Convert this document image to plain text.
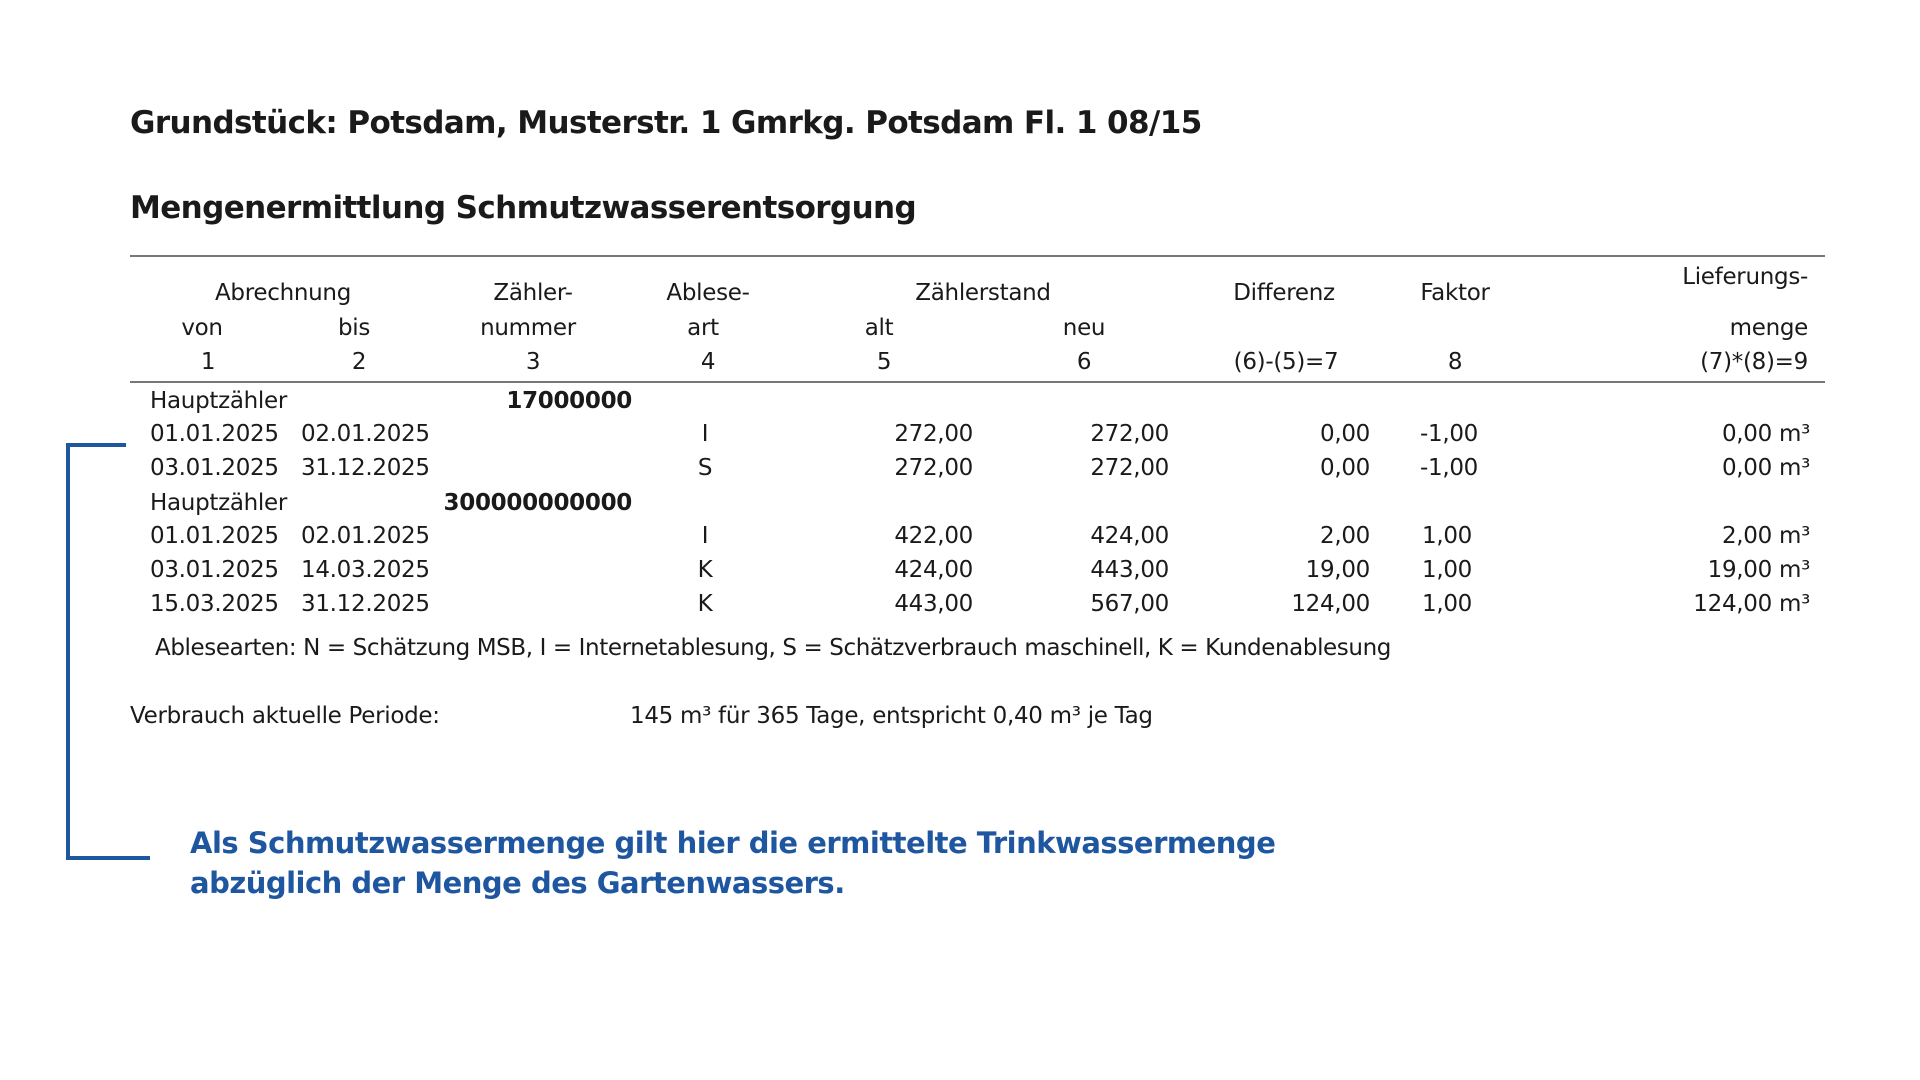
Grundstück: Potsdam, Musterstr. 1 Gmrkg. Potsdam Fl. 1 08/15
Mengenermittlung Schmutzwasserentsorgung
Abrechnung	Zähler-	Ablese-	Zählerstand	Differenz	Faktor
Lieferungs-
von	bis	nummer	art	alt	neu	menge
1	2	3	4	5	6	(6)-(5)=7	8	(7)*(8)=9
Hauptzähler	17000000
01.01.2025 02.01.2025	I	272,00	272,00	0,00 -1,00	0,00 m³
03.01.2025 31.12.2025	S	272,00	272,00	0,00 -1,00	0,00 m³
Hauptzähler	300000000000
01.01.2025 02.01.2025	I	422,00	424,00	2,00 1,00	2,00 m³
03.01.2025 14.03.2025	K	424,00	443,00	19,00 1,00	19,00 m³
15.03.2025 31.12.2025	K	443,00	567,00	124,00 1,00	124,00 m³
Ablesearten: N = Schätzung MSB, I = Internetablesung, S = Schätzverbrauch maschinell, K = Kundenablesung
Verbrauch aktuelle Periode:	145 m³ für 365 Tage, entspricht 0,40 m³ je Tag
Als Schmutzwassermenge gilt hier die ermittelte Trinkwassermenge
abzüglich der Menge des Gartenwassers.
